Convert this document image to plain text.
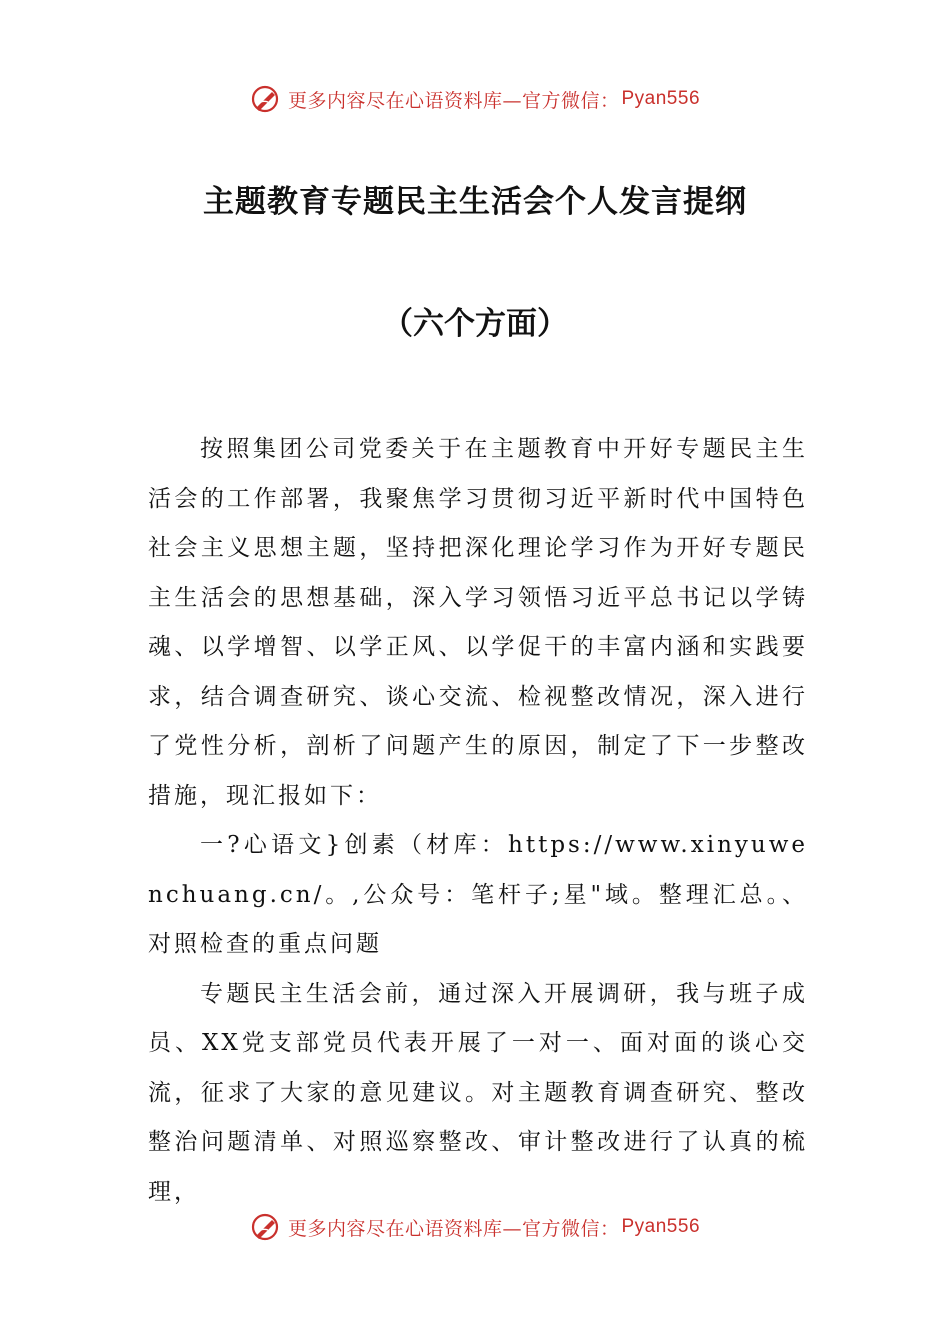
更多内容尽在心语资料库—官方微信： Pyan556
主题教育专题民主生活会个人发言提纲
（六个方面）

按照集团公司党委关于在主题教育中开好专题民主生活会的工作部署，我聚焦学习贯彻习近平新时代中国特色社会主义思想主题，坚持把深化理论学习作为开好专题民主生活会的思想基础，深入学习领悟习近平总书记以学铸魂、以学增智、以学正风、以学促干的丰富内涵和实践要求，结合调查研究、谈心交流、检视整改情况，深入进行了党性分析，剖析了问题产生的原因，制定了下一步整改措施，现汇报如下：

一?心语文}创素（材库：https://www.xinyuwenchuang.cn/。,公众号：笔杆子;星"域。整理汇总。、对照检查的重点问题

专题民主生活会前，通过深入开展调研，我与班子成员、XX党支部党员代表开展了一对一、面对面的谈心交流，征求了大家的意见建议。对主题教育调查研究、整改整治问题清单、对照巡察整改、审计整改进行了认真的梳理，

更多内容尽在心语资料库—官方微信： Pyan556
